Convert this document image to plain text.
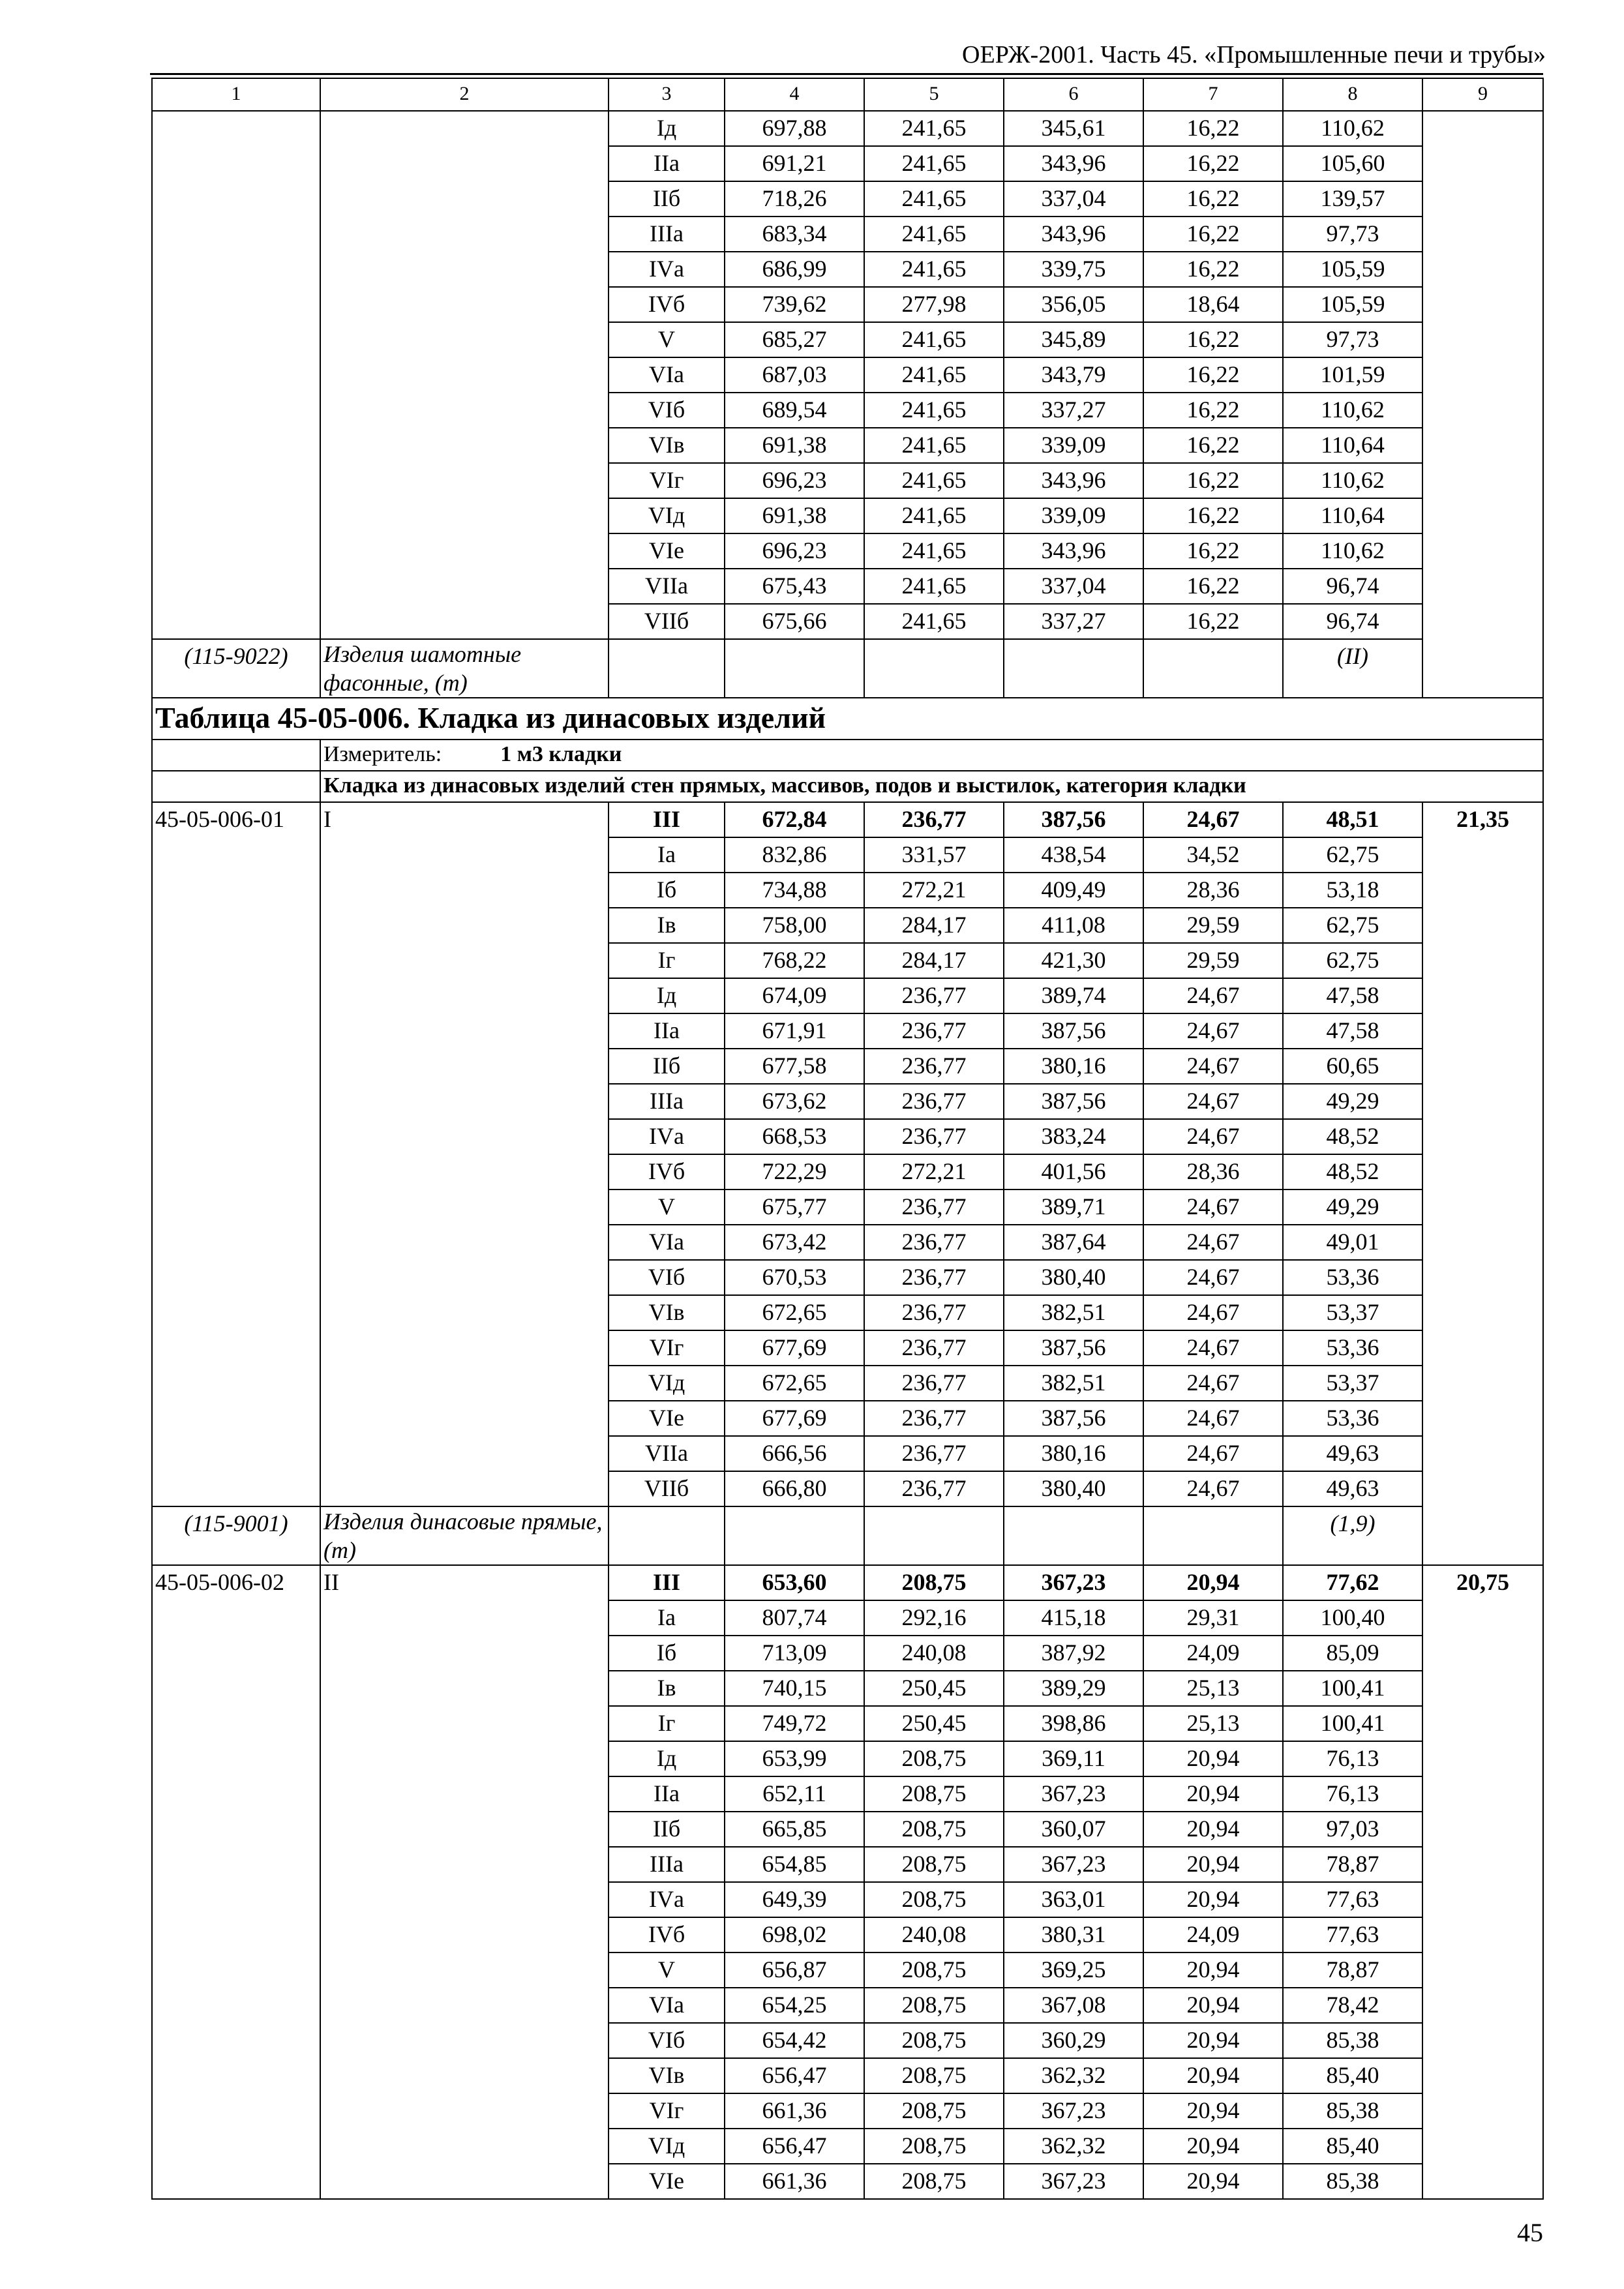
ОЕРЖ-2001. Часть 45. «Промышленные печи и трубы»
1	2	3	4	5	6	7	8	9
		Iд	697,88	241,65	345,61	16,22	110,62	
		IIа	691,21	241,65	343,96	16,22	105,60	
		IIб	718,26	241,65	337,04	16,22	139,57	
		IIIа	683,34	241,65	343,96	16,22	97,73	
		IVа	686,99	241,65	339,75	16,22	105,59	
		IVб	739,62	277,98	356,05	18,64	105,59	
		V	685,27	241,65	345,89	16,22	97,73	
		VIа	687,03	241,65	343,79	16,22	101,59	
		VIб	689,54	241,65	337,27	16,22	110,62	
		VIв	691,38	241,65	339,09	16,22	110,64	
		VIг	696,23	241,65	343,96	16,22	110,62	
		VIд	691,38	241,65	339,09	16,22	110,64	
		VIе	696,23	241,65	343,96	16,22	110,62	
		VIIа	675,43	241,65	337,04	16,22	96,74	
		VIIб	675,66	241,65	337,27	16,22	96,74	
(115-9022)	Изделия шамотные фасонные, (т)						(II)	
Таблица 45-05-006. Кладка из динасовых изделий								
	Измеритель: 1 м3 кладки							
	Кладка из динасовых изделий стен прямых, массивов, подов и выстилок, категория кладки							
45-05-006-01	I	III	672,84	236,77	387,56	24,67	48,51	21,35
		Iа	832,86	331,57	438,54	34,52	62,75	
		Iб	734,88	272,21	409,49	28,36	53,18	
		Iв	758,00	284,17	411,08	29,59	62,75	
		Iг	768,22	284,17	421,30	29,59	62,75	
		Iд	674,09	236,77	389,74	24,67	47,58	
		IIа	671,91	236,77	387,56	24,67	47,58	
		IIб	677,58	236,77	380,16	24,67	60,65	
		IIIа	673,62	236,77	387,56	24,67	49,29	
		IVа	668,53	236,77	383,24	24,67	48,52	
		IVб	722,29	272,21	401,56	28,36	48,52	
		V	675,77	236,77	389,71	24,67	49,29	
		VIа	673,42	236,77	387,64	24,67	49,01	
		VIб	670,53	236,77	380,40	24,67	53,36	
		VIв	672,65	236,77	382,51	24,67	53,37	
		VIг	677,69	236,77	387,56	24,67	53,36	
		VIд	672,65	236,77	382,51	24,67	53,37	
		VIе	677,69	236,77	387,56	24,67	53,36	
		VIIа	666,56	236,77	380,16	24,67	49,63	
		VIIб	666,80	236,77	380,40	24,67	49,63	
(115-9001)	Изделия динасовые прямые, (т)						(1,9)	
45-05-006-02	II	III	653,60	208,75	367,23	20,94	77,62	20,75
		Iа	807,74	292,16	415,18	29,31	100,40	
		Iб	713,09	240,08	387,92	24,09	85,09	
		Iв	740,15	250,45	389,29	25,13	100,41	
		Iг	749,72	250,45	398,86	25,13	100,41	
		Iд	653,99	208,75	369,11	20,94	76,13	
		IIа	652,11	208,75	367,23	20,94	76,13	
		IIб	665,85	208,75	360,07	20,94	97,03	
		IIIа	654,85	208,75	367,23	20,94	78,87	
		IVа	649,39	208,75	363,01	20,94	77,63	
		IVб	698,02	240,08	380,31	24,09	77,63	
		V	656,87	208,75	369,25	20,94	78,87	
		VIа	654,25	208,75	367,08	20,94	78,42	
		VIб	654,42	208,75	360,29	20,94	85,38	
		VIв	656,47	208,75	362,32	20,94	85,40	
		VIг	661,36	208,75	367,23	20,94	85,38	
		VIд	656,47	208,75	362,32	20,94	85,40	
		VIе	661,36	208,75	367,23	20,94	85,38	
45
